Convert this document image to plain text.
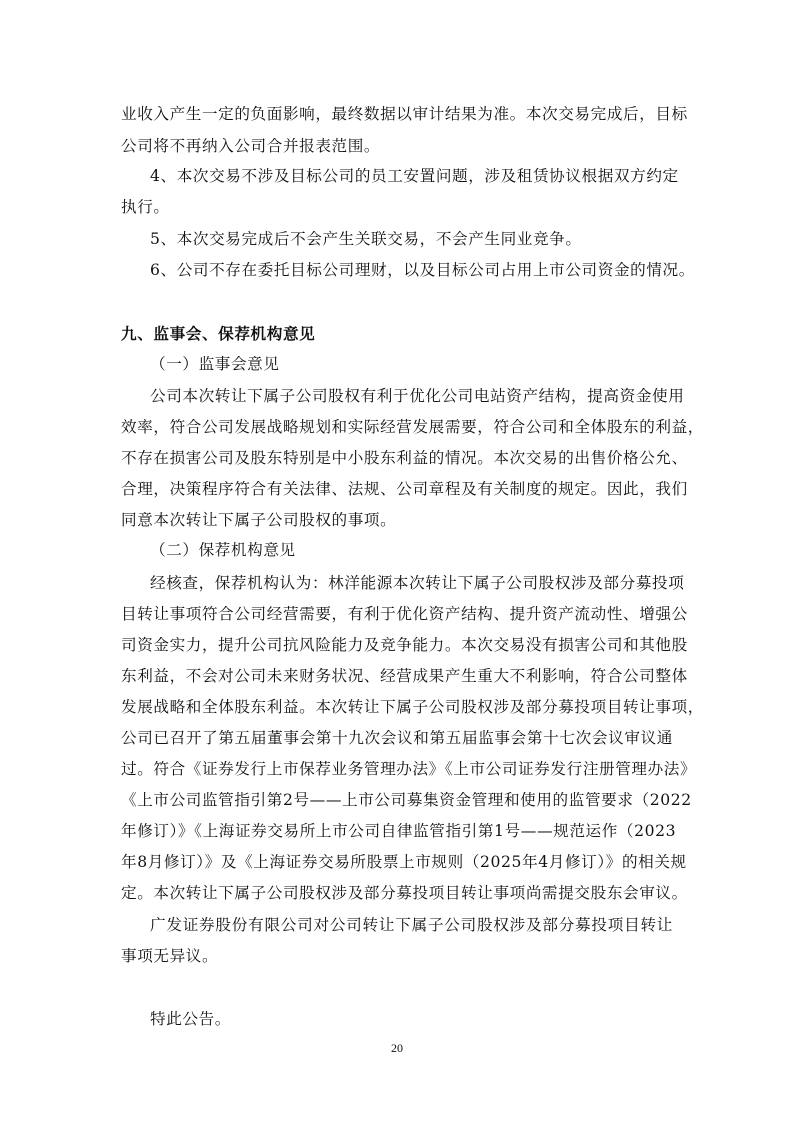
业收入产生一定的负面影响，最终数据以审计结果为准。本次交易完成后，目标
公司将不再纳入公司合并报表范围。
4、本次交易不涉及目标公司的员工安置问题，涉及租赁协议根据双方约定
执行。
5、本次交易完成后不会产生关联交易，不会产生同业竞争。
6、公司不存在委托目标公司理财，以及目标公司占用上市公司资金的情况。
九、监事会、保荐机构意见
（一）监事会意见
公司本次转让下属子公司股权有利于优化公司电站资产结构，提高资金使用
效率，符合公司发展战略规划和实际经营发展需要，符合公司和全体股东的利益，
不存在损害公司及股东特别是中小股东利益的情况。本次交易的出售价格公允、
合理，决策程序符合有关法律、法规、公司章程及有关制度的规定。因此，我们
同意本次转让下属子公司股权的事项。
（二）保荐机构意见
经核查，保荐机构认为：林洋能源本次转让下属子公司股权涉及部分募投项
目转让事项符合公司经营需要，有利于优化资产结构、提升资产流动性、增强公
司资金实力，提升公司抗风险能力及竞争能力。本次交易没有损害公司和其他股
东利益，不会对公司未来财务状况、经营成果产生重大不利影响，符合公司整体
发展战略和全体股东利益。本次转让下属子公司股权涉及部分募投项目转让事项，
公司已召开了第五届董事会第十九次会议和第五届监事会第十七次会议审议通
过。符合《证券发行上市保荐业务管理办法》《上市公司证券发行注册管理办法》
《上市公司监管指引第2号——上市公司募集资金管理和使用的监管要求（2022
年修订）》《上海证券交易所上市公司自律监管指引第1号——规范运作（2023
年8月修订）》及《上海证券交易所股票上市规则（2025年4月修订）》的相关规
定。本次转让下属子公司股权涉及部分募投项目转让事项尚需提交股东会审议。
广发证券股份有限公司对公司转让下属子公司股权涉及部分募投项目转让
事项无异议。
特此公告。
20
